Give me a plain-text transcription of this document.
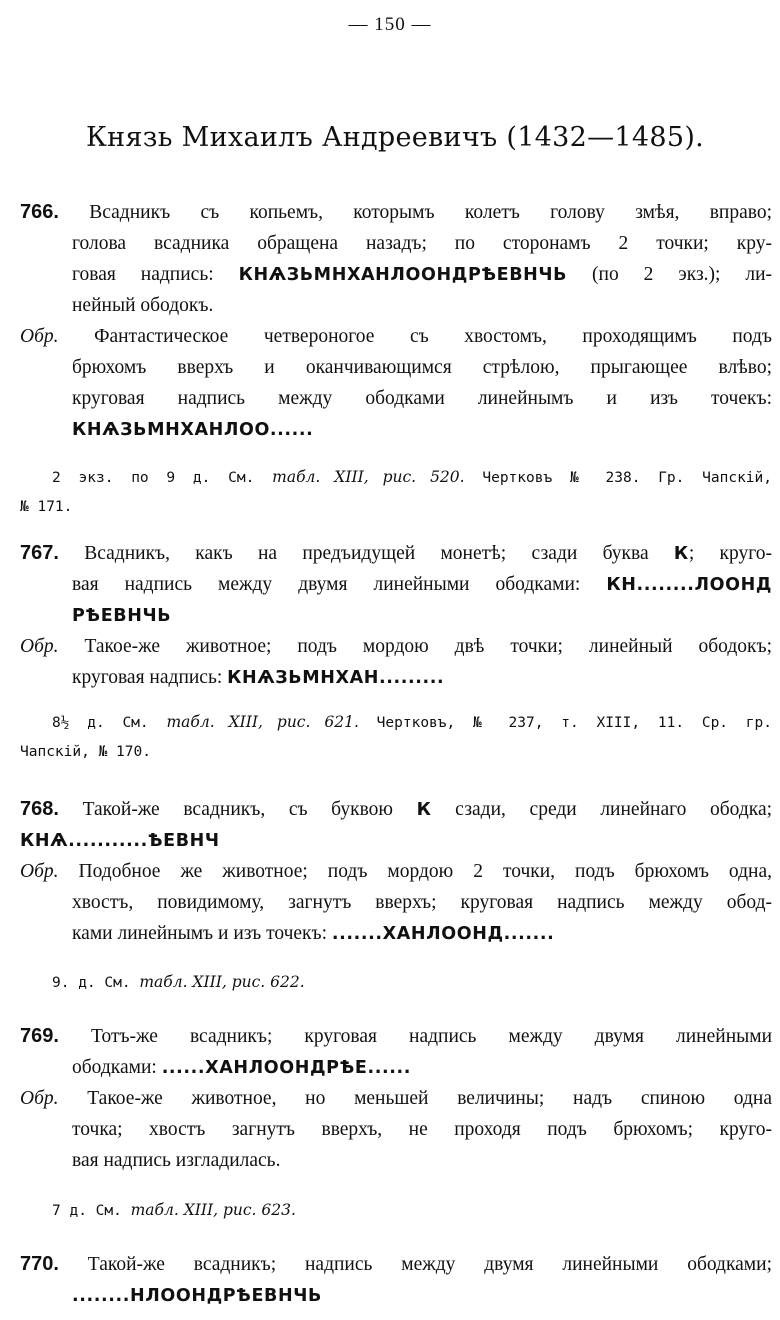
— 150 —
Князь Михаилъ Андреевичъ (1432—1485).
766. Всадникъ съ копьемъ, которымъ колетъ голову змѣя, вправо;
голова всадника обращена назадъ; по сторонамъ 2 точки; кру-
говая надпись: КНѦЗЬМНХАНЛООНДРѢЕВНЧЬ (по 2 экз.); ли-
нейный ободокъ.
Обр. Фантастическое четвероногое съ хвостомъ, проходящимъ подъ
брюхомъ вверхъ и оканчивающимся стрѣлою, прыгающее влѣво;
круговая надпись между ободками линейнымъ и изъ точекъ:
КНѦЗЬМНХАНЛОО......
2 экз. по 9 д. См. табл. XIII, рис. 520. Чертковъ № 238. Гр. Чапскій,
№ 171.
767. Всадникъ, какъ на предъидущей монетѣ; сзади буква К; круго-
вая надпись между двумя линейными ободками: КН........ЛООНД
РѢЕВНЧЬ
Обр. Такое-же животное; подъ мордою двѣ точки; линейный ободокъ;
круговая надпись: КНѦЗЬМНХАН.........
8½ д. См. табл. XIII, рис. 621. Чертковъ, № 237, т. XIII, 11. Ср. гр.
Чапскій, № 170.
768. Такой-же всадникъ, съ буквою К сзади, среди линейнаго ободка;
КНѦ...........ѢЕВНЧ
Обр. Подобное же животное; подъ мордою 2 точки, подъ брюхомъ одна,
хвостъ, повидимому, загнутъ вверхъ; круговая надпись между обод-
ками линейнымъ и изъ точекъ: .......ХАНЛООНД.......
9. д. См. табл. XIII, рис. 622.
769. Тотъ-же всадникъ; круговая надпись между двумя линейными
ободками: ......ХАНЛООНДРѢЕ......
Обр. Такое-же животное, но меньшей величины; надъ спиною одна
точка; хвостъ загнутъ вверхъ, не проходя подъ брюхомъ; круго-
вая надпись изгладилась.
7 д. См. табл. XIII, рис. 623.
770. Такой-же всадникъ; надпись между двумя линейными ободками;
........НЛООНДРѢЕВНЧЬ
